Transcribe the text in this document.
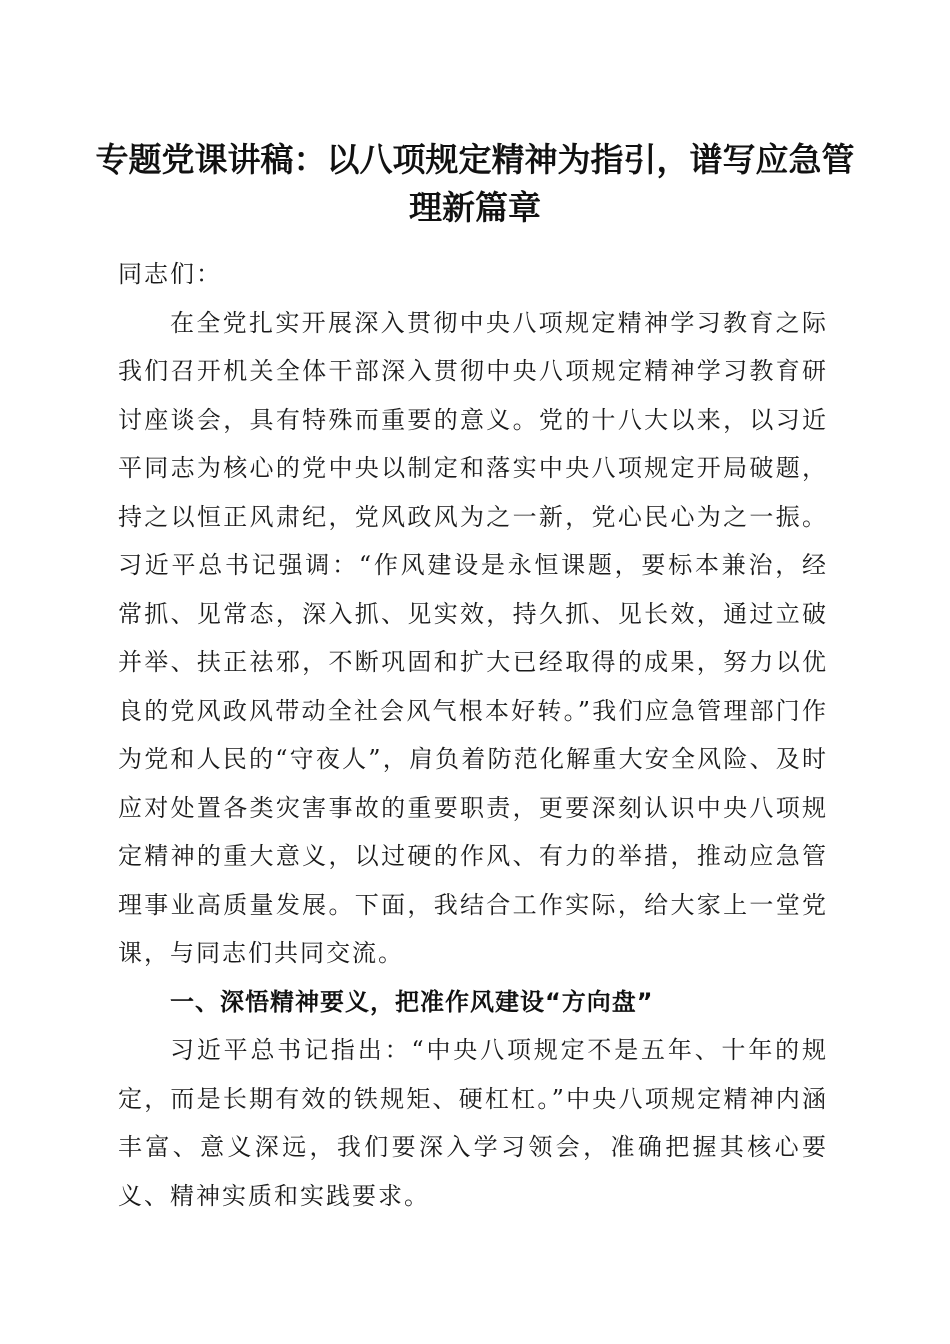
专题党课讲稿：以八项规定精神为指引，谱写应急管理新篇章

同志们：

在全党扎实开展深入贯彻中央八项规定精神学习教育之际我们召开机关全体干部深入贯彻中央八项规定精神学习教育研讨座谈会，具有特殊而重要的意义。党的十八大以来，以习近平同志为核心的党中央以制定和落实中央八项规定开局破题，持之以恒正风肃纪，党风政风为之一新，党心民心为之一振。习近平总书记强调：“作风建设是永恒课题，要标本兼治，经常抓、见常态，深入抓、见实效，持久抓、见长效，通过立破并举、扶正祛邪，不断巩固和扩大已经取得的成果，努力以优良的党风政风带动全社会风气根本好转。”我们应急管理部门作为党和人民的“守夜人”，肩负着防范化解重大安全风险、及时应对处置各类灾害事故的重要职责，更要深刻认识中央八项规定精神的重大意义，以过硬的作风、有力的举措，推动应急管理事业高质量发展。下面，我结合工作实际，给大家上一堂党课，与同志们共同交流。

一、深悟精神要义，把准作风建设“方向盘”

习近平总书记指出：“中央八项规定不是五年、十年的规定，而是长期有效的铁规矩、硬杠杠。”中央八项规定精神内涵丰富、意义深远，我们要深入学习领会，准确把握其核心要义、精神实质和实践要求。
